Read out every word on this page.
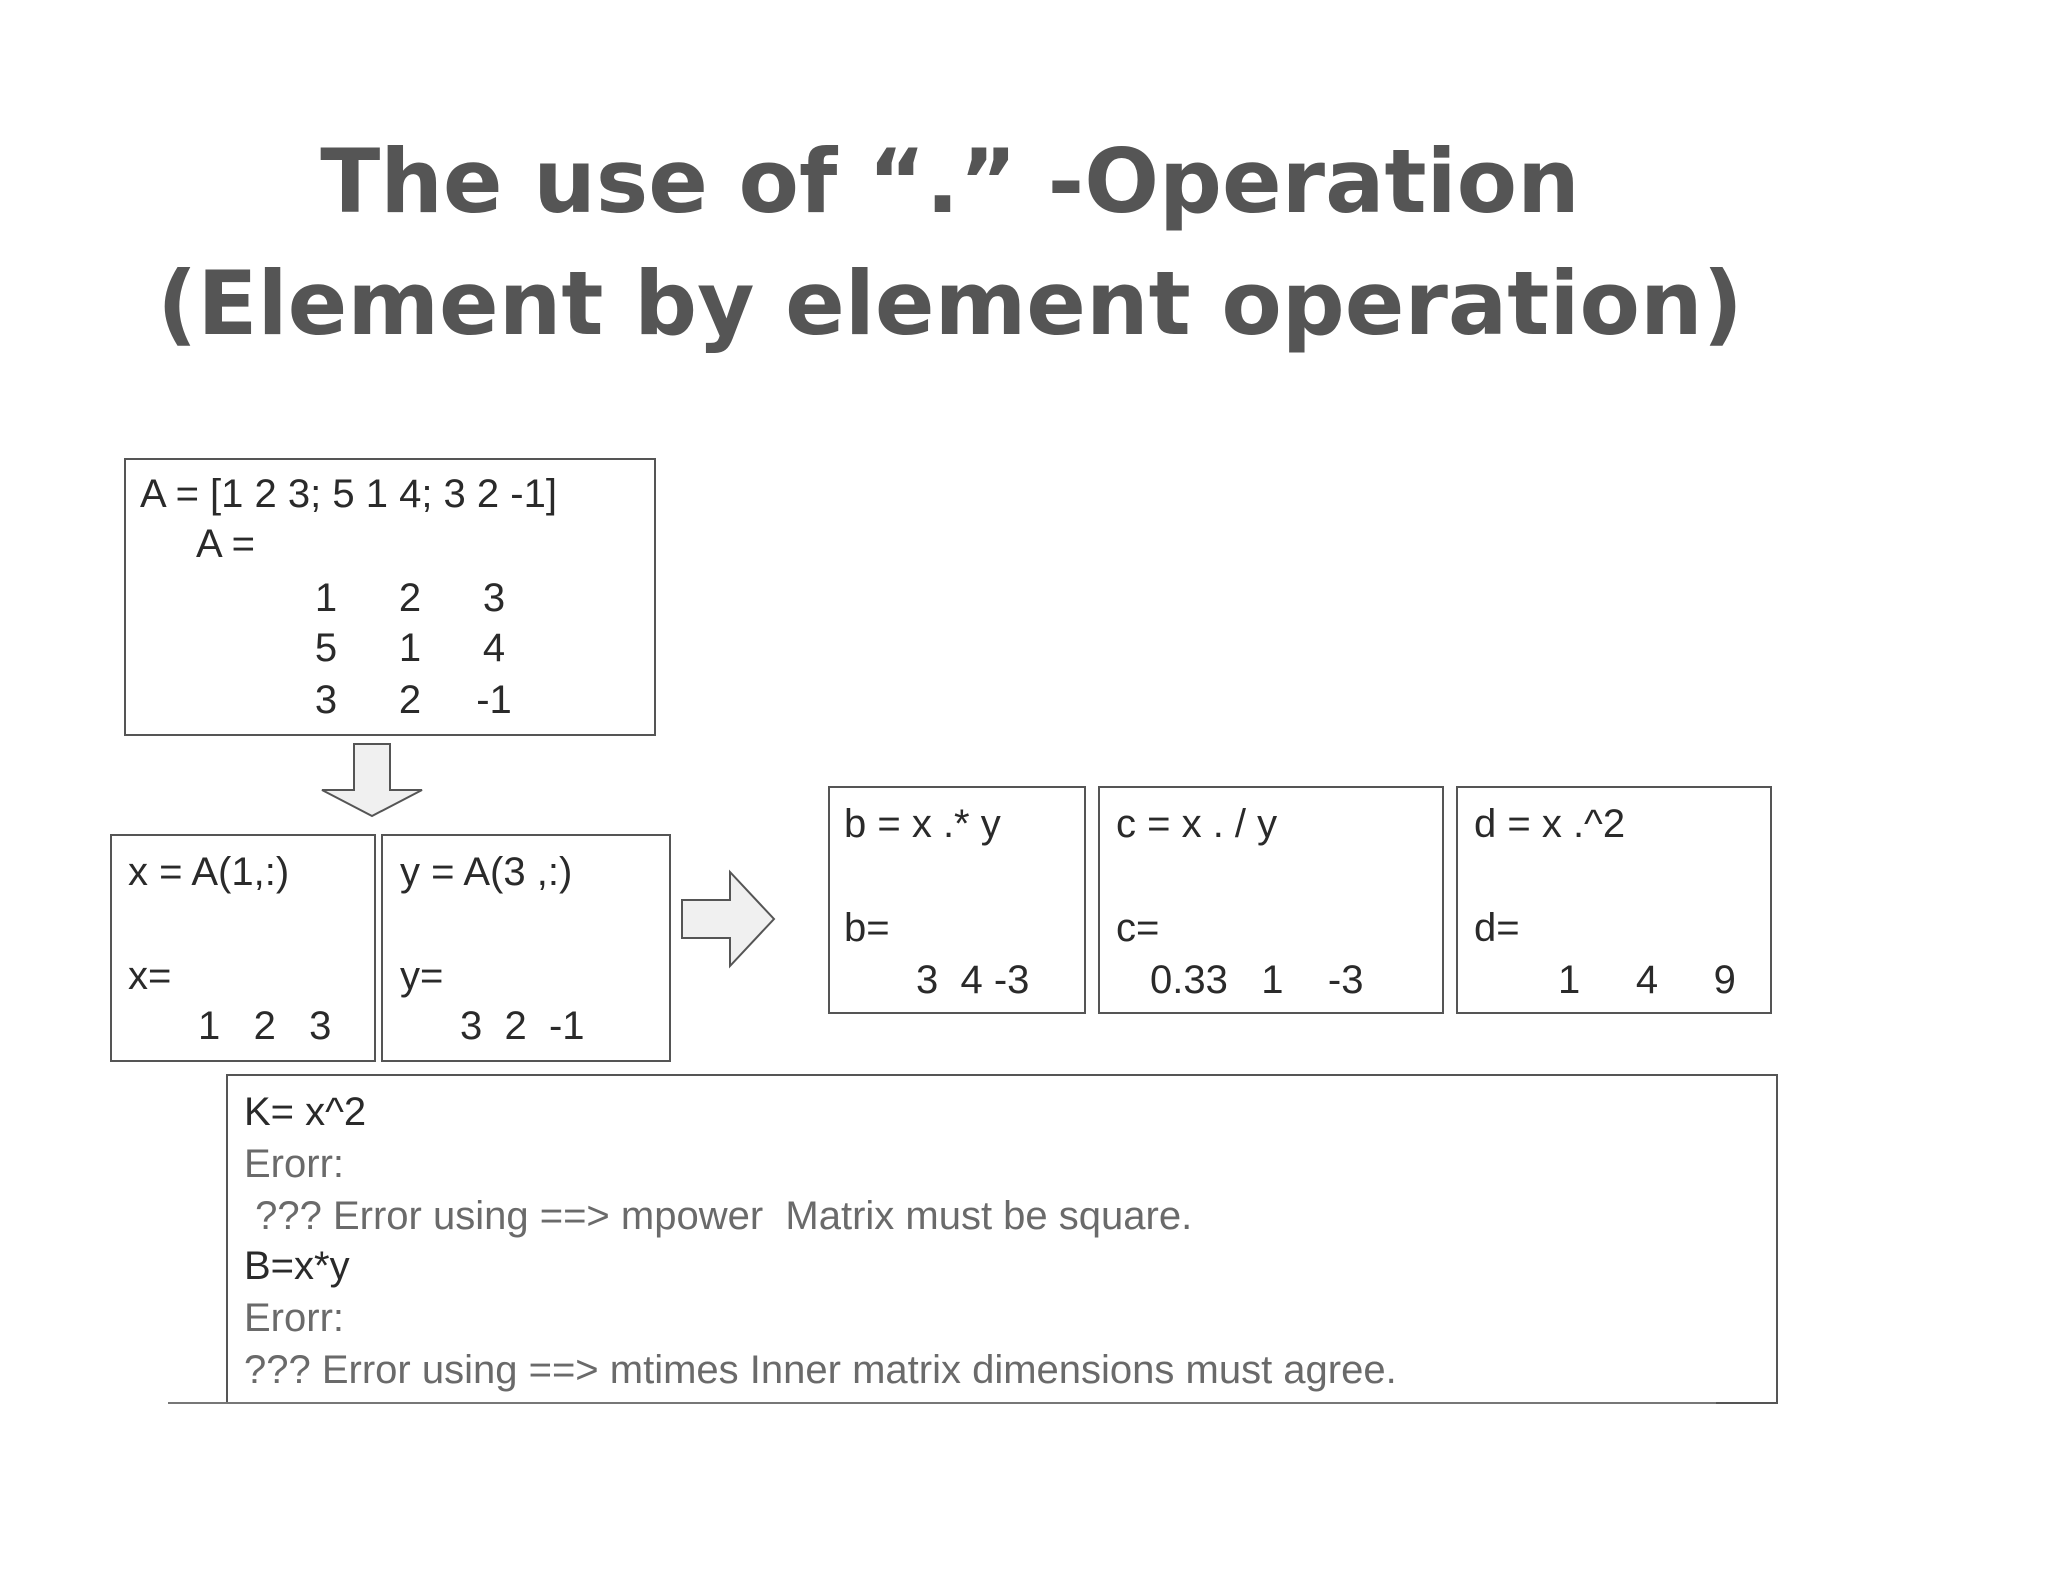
The use of “.” -Operation
(Element by element operation)
A = [1 2 3; 5 1 4; 3 2 -1]
A =
1	2	3
5	1	4
3	2	-1
x = A(1,:)
x=
1   2   3
y = A(3 ,:)
y=
3  2  -1
b = x .* y
b=
3  4 -3
c = x . / y
c=
0.33   1    -3
d = x .^2
d=
1     4     9
K= x^2
Erorr:
??? Error using ==> mpower  Matrix must be square.
B=x*y
Erorr:
??? Error using ==> mtimes Inner matrix dimensions must agree.
